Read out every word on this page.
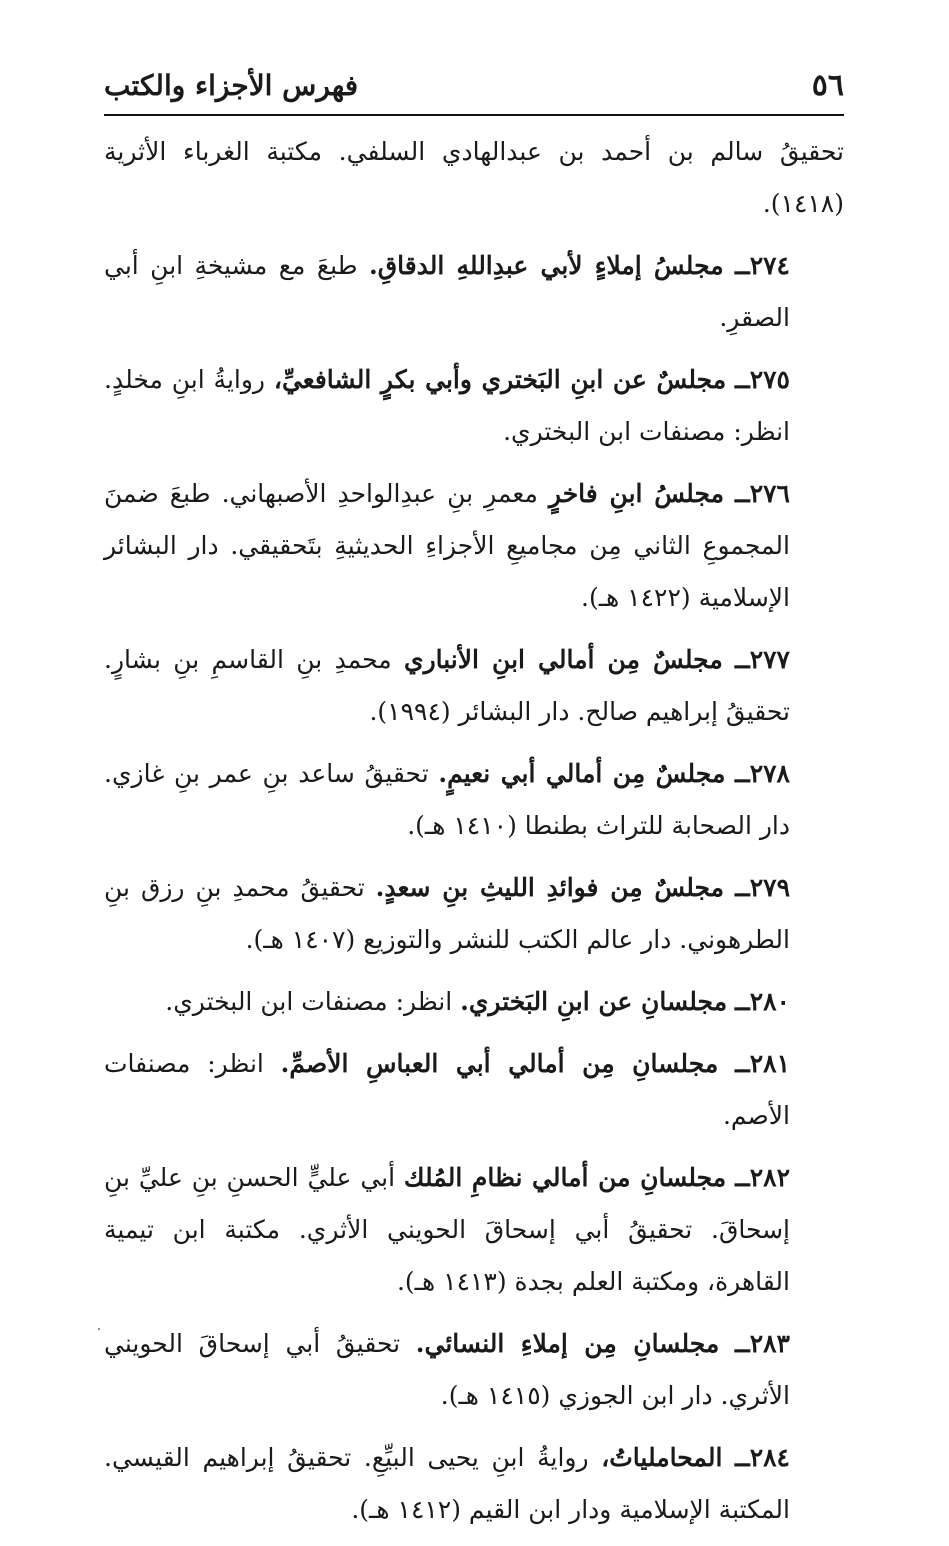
٥٦
فهرس الأجزاء والكتب

تحقيقُ سالم بن أحمد بن عبدالهادي السلفي. مكتبة الغرباء الأثرية (١٤١٨).

٢٧٤ــ مجلسُ إملاءٍ لأبي عبدِاللهِ الدقاقِ. طبعَ مع مشيخةِ ابنِ أبي الصقرِ.

٢٧٥ــ مجلسٌ عن ابنِ البَختري وأبي بكرٍ الشافعيِّ، روايةُ ابنِ مخلدٍ. انظر: مصنفات ابن البختري.

٢٧٦ــ مجلسُ ابنِ فاخرٍ معمرِ بنِ عبدِالواحدِ الأصبهاني. طبعَ ضمنَ المجموعِ الثاني مِن مجاميعِ الأجزاءِ الحديثيةِ بتَحقيقي. دار البشائر الإسلامية (١٤٢٢ هـ).

٢٧٧ــ مجلسٌ مِن أمالي ابنِ الأنباري محمدِ بنِ القاسمِ بنِ بشارٍ. تحقيقُ إبراهيم صالح. دار البشائر (١٩٩٤).

٢٧٨ــ مجلسٌ مِن أمالي أبي نعيمٍ. تحقيقُ ساعد بنِ عمر بنِ غازي. دار الصحابة للتراث بطنطا (١٤١٠ هـ).

٢٧٩ــ مجلسٌ مِن فوائدِ الليثِ بنِ سعدٍ. تحقيقُ محمدِ بنِ رزق بنِ الطرهوني. دار عالم الكتب للنشر والتوزيع (١٤٠٧ هـ).

٢٨٠ــ مجلسانِ عن ابنِ البَختري. انظر: مصنفات ابن البختري.

٢٨١ــ مجلسانِ مِن أمالي أبي العباسِ الأصمِّ. انظر: مصنفات الأصم.

٢٨٢ــ مجلسانِ من أمالي نظامِ المُلك أبي عليٍّ الحسنِ بنِ عليِّ بنِ إسحاقَ. تحقيقُ أبي إسحاقَ الحويني الأثري. مكتبة ابن تيمية القاهرة، ومكتبة العلم بجدة (١٤١٣ هـ).

٢٨٣ــ مجلسانِ مِن إملاءِ النسائي. تحقيقُ أبي إسحاقَ الحويني الأثري. دار ابن الجوزي (١٤١٥ هـ).

٢٨٤ــ المحاملياتُ، روايةُ ابنِ يحيى البيِّعِ. تحقيقُ إبراهيم القيسي. المكتبة الإسلامية ودار ابن القيم (١٤١٢ هـ).
